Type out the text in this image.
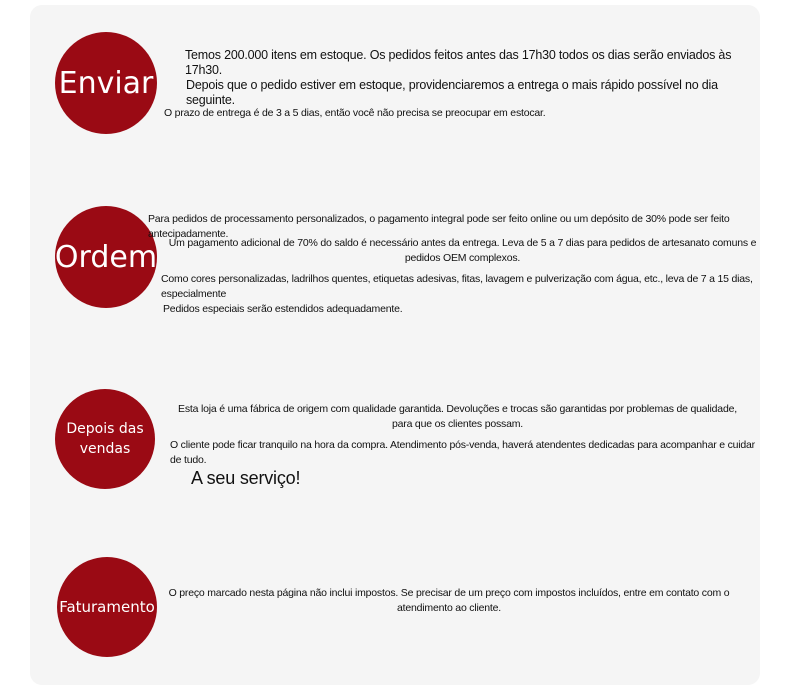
Enviar
Temos 200.000 itens em estoque. Os pedidos feitos antes das 17h30 todos os dias serão enviados às 17h30.
Depois que o pedido estiver em estoque, providenciaremos a entrega o mais rápido possível no dia seguinte.
O prazo de entrega é de 3 a 5 dias, então você não precisa se preocupar em estocar.
Ordem
Para pedidos de processamento personalizados, o pagamento integral pode ser feito online ou um depósito de 30% pode ser feito antecipadamente.
Um pagamento adicional de 70% do saldo é necessário antes da entrega. Leva de 5 a 7 dias para pedidos de artesanato comuns e pedidos OEM complexos.
Como cores personalizadas, ladrilhos quentes, etiquetas adesivas, fitas, lavagem e pulverização com água, etc., leva de 7 a 15 dias, especialmente
Pedidos especiais serão estendidos adequadamente.
Depois das vendas
Esta loja é uma fábrica de origem com qualidade garantida. Devoluções e trocas são garantidas por problemas de qualidade, para que os clientes possam.
O cliente pode ficar tranquilo na hora da compra. Atendimento pós-venda, haverá atendentes dedicadas para acompanhar e cuidar de tudo.
A seu serviço!
Faturamento
O preço marcado nesta página não inclui impostos. Se precisar de um preço com impostos incluídos, entre em contato com o atendimento ao cliente.
